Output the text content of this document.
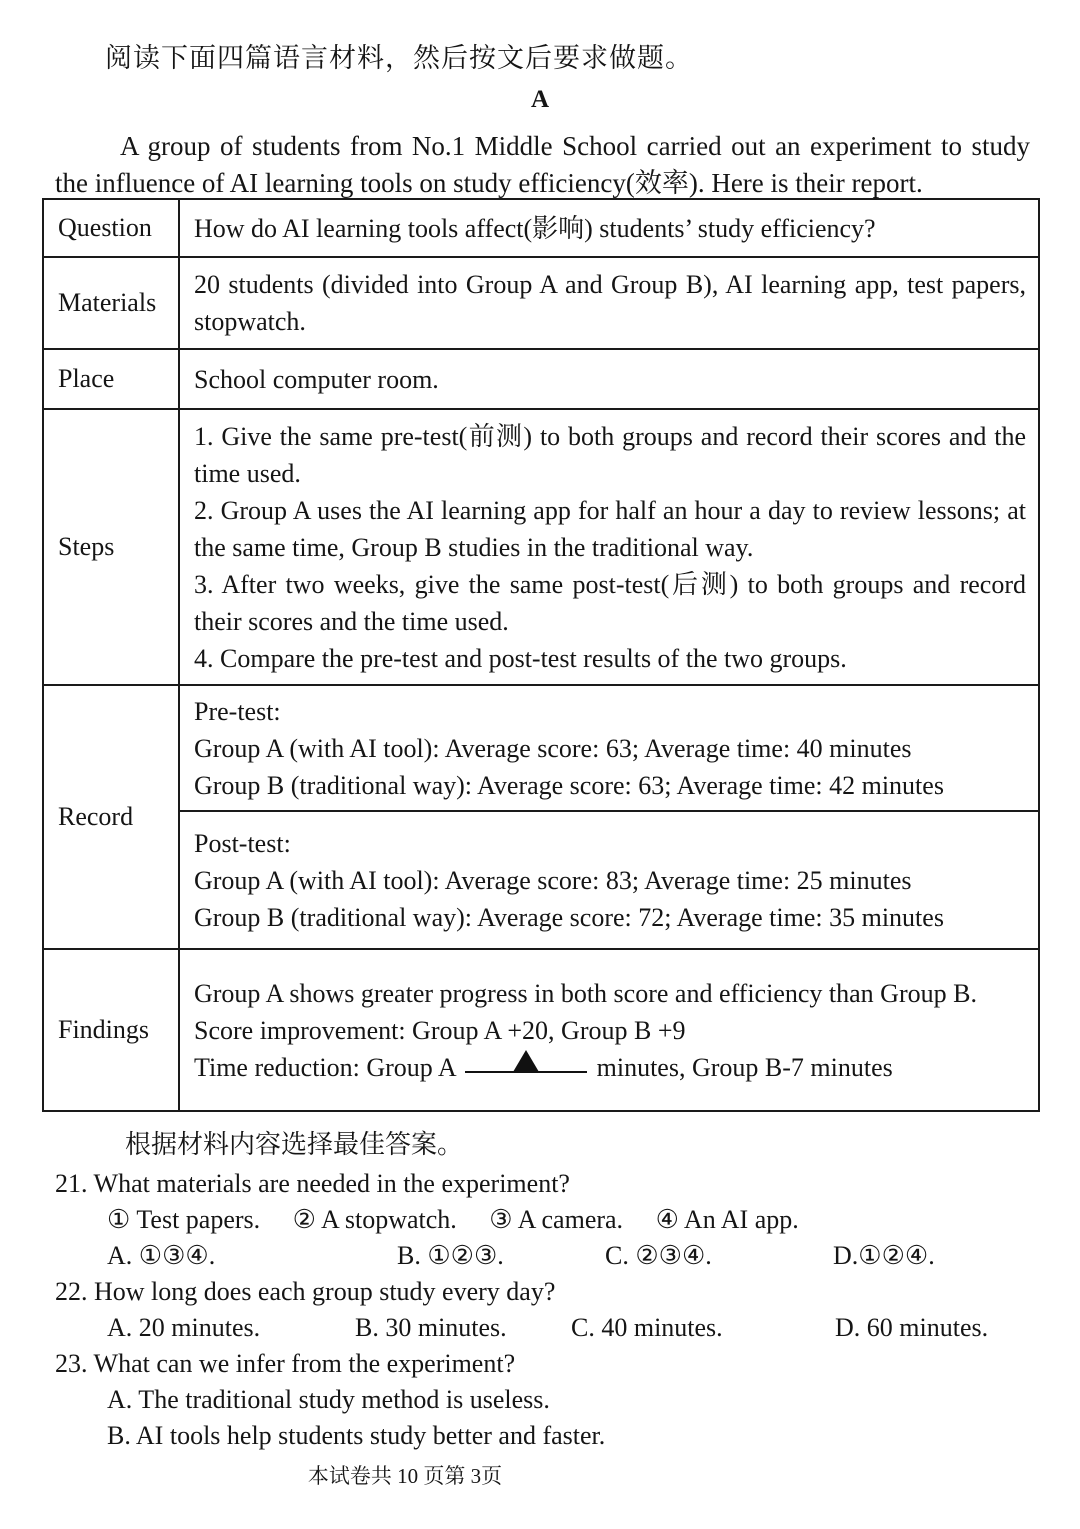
阅读下面四篇语言材料，然后按文后要求做题。
A
A group of students from No.1 Middle School carried out an experiment to study the influence of AI learning tools on study efficiency(效率). Here is their report.
Question	How do AI learning tools affect(影响) students’ study efficiency?
Materials	20 students (divided into Group A and Group B), AI learning app, test papers, stopwatch.
Place	School computer room.
Steps	1. Give the same pre-test(前测) to both groups and record their scores and the time used.
2. Group A uses the AI learning app for half an hour a day to review lessons; at the same time, Group B studies in the traditional way.
3. After two weeks, give the same post-test(后测) to both groups and record their scores and the time used.
4. Compare the pre-test and post-test results of the two groups.

Record	Pre-test:
Group A (with AI tool): Average score: 63; Average time: 40 minutes
Group B (traditional way): Average score: 63; Average time: 42 minutes

	Post-test:
Group A (with AI tool): Average score: 83; Average time: 25 minutes
Group B (traditional way): Average score: 72; Average time: 35 minutes

Findings	Group A shows greater progress in both score and efficiency than Group B.
Score improvement: Group A +20, Group B +9
Time reduction: Group A minutes, Group B-7 minutes
根据材料内容选择最佳答案。
21. What materials are needed in the experiment?
① Test papers. ② A stopwatch. ③ A camera. ④ An AI app.
A. ①③④.	B. ①②③.	C. ②③④.	D.①②④.
22. How long does each group study every day?
A. 20 minutes.	B. 30 minutes.	C. 40 minutes.	D. 60 minutes.
23. What can we infer from the experiment?
A. The traditional study method is useless.
B. AI tools help students study better and faster.
本试卷共 10 页第 3页
